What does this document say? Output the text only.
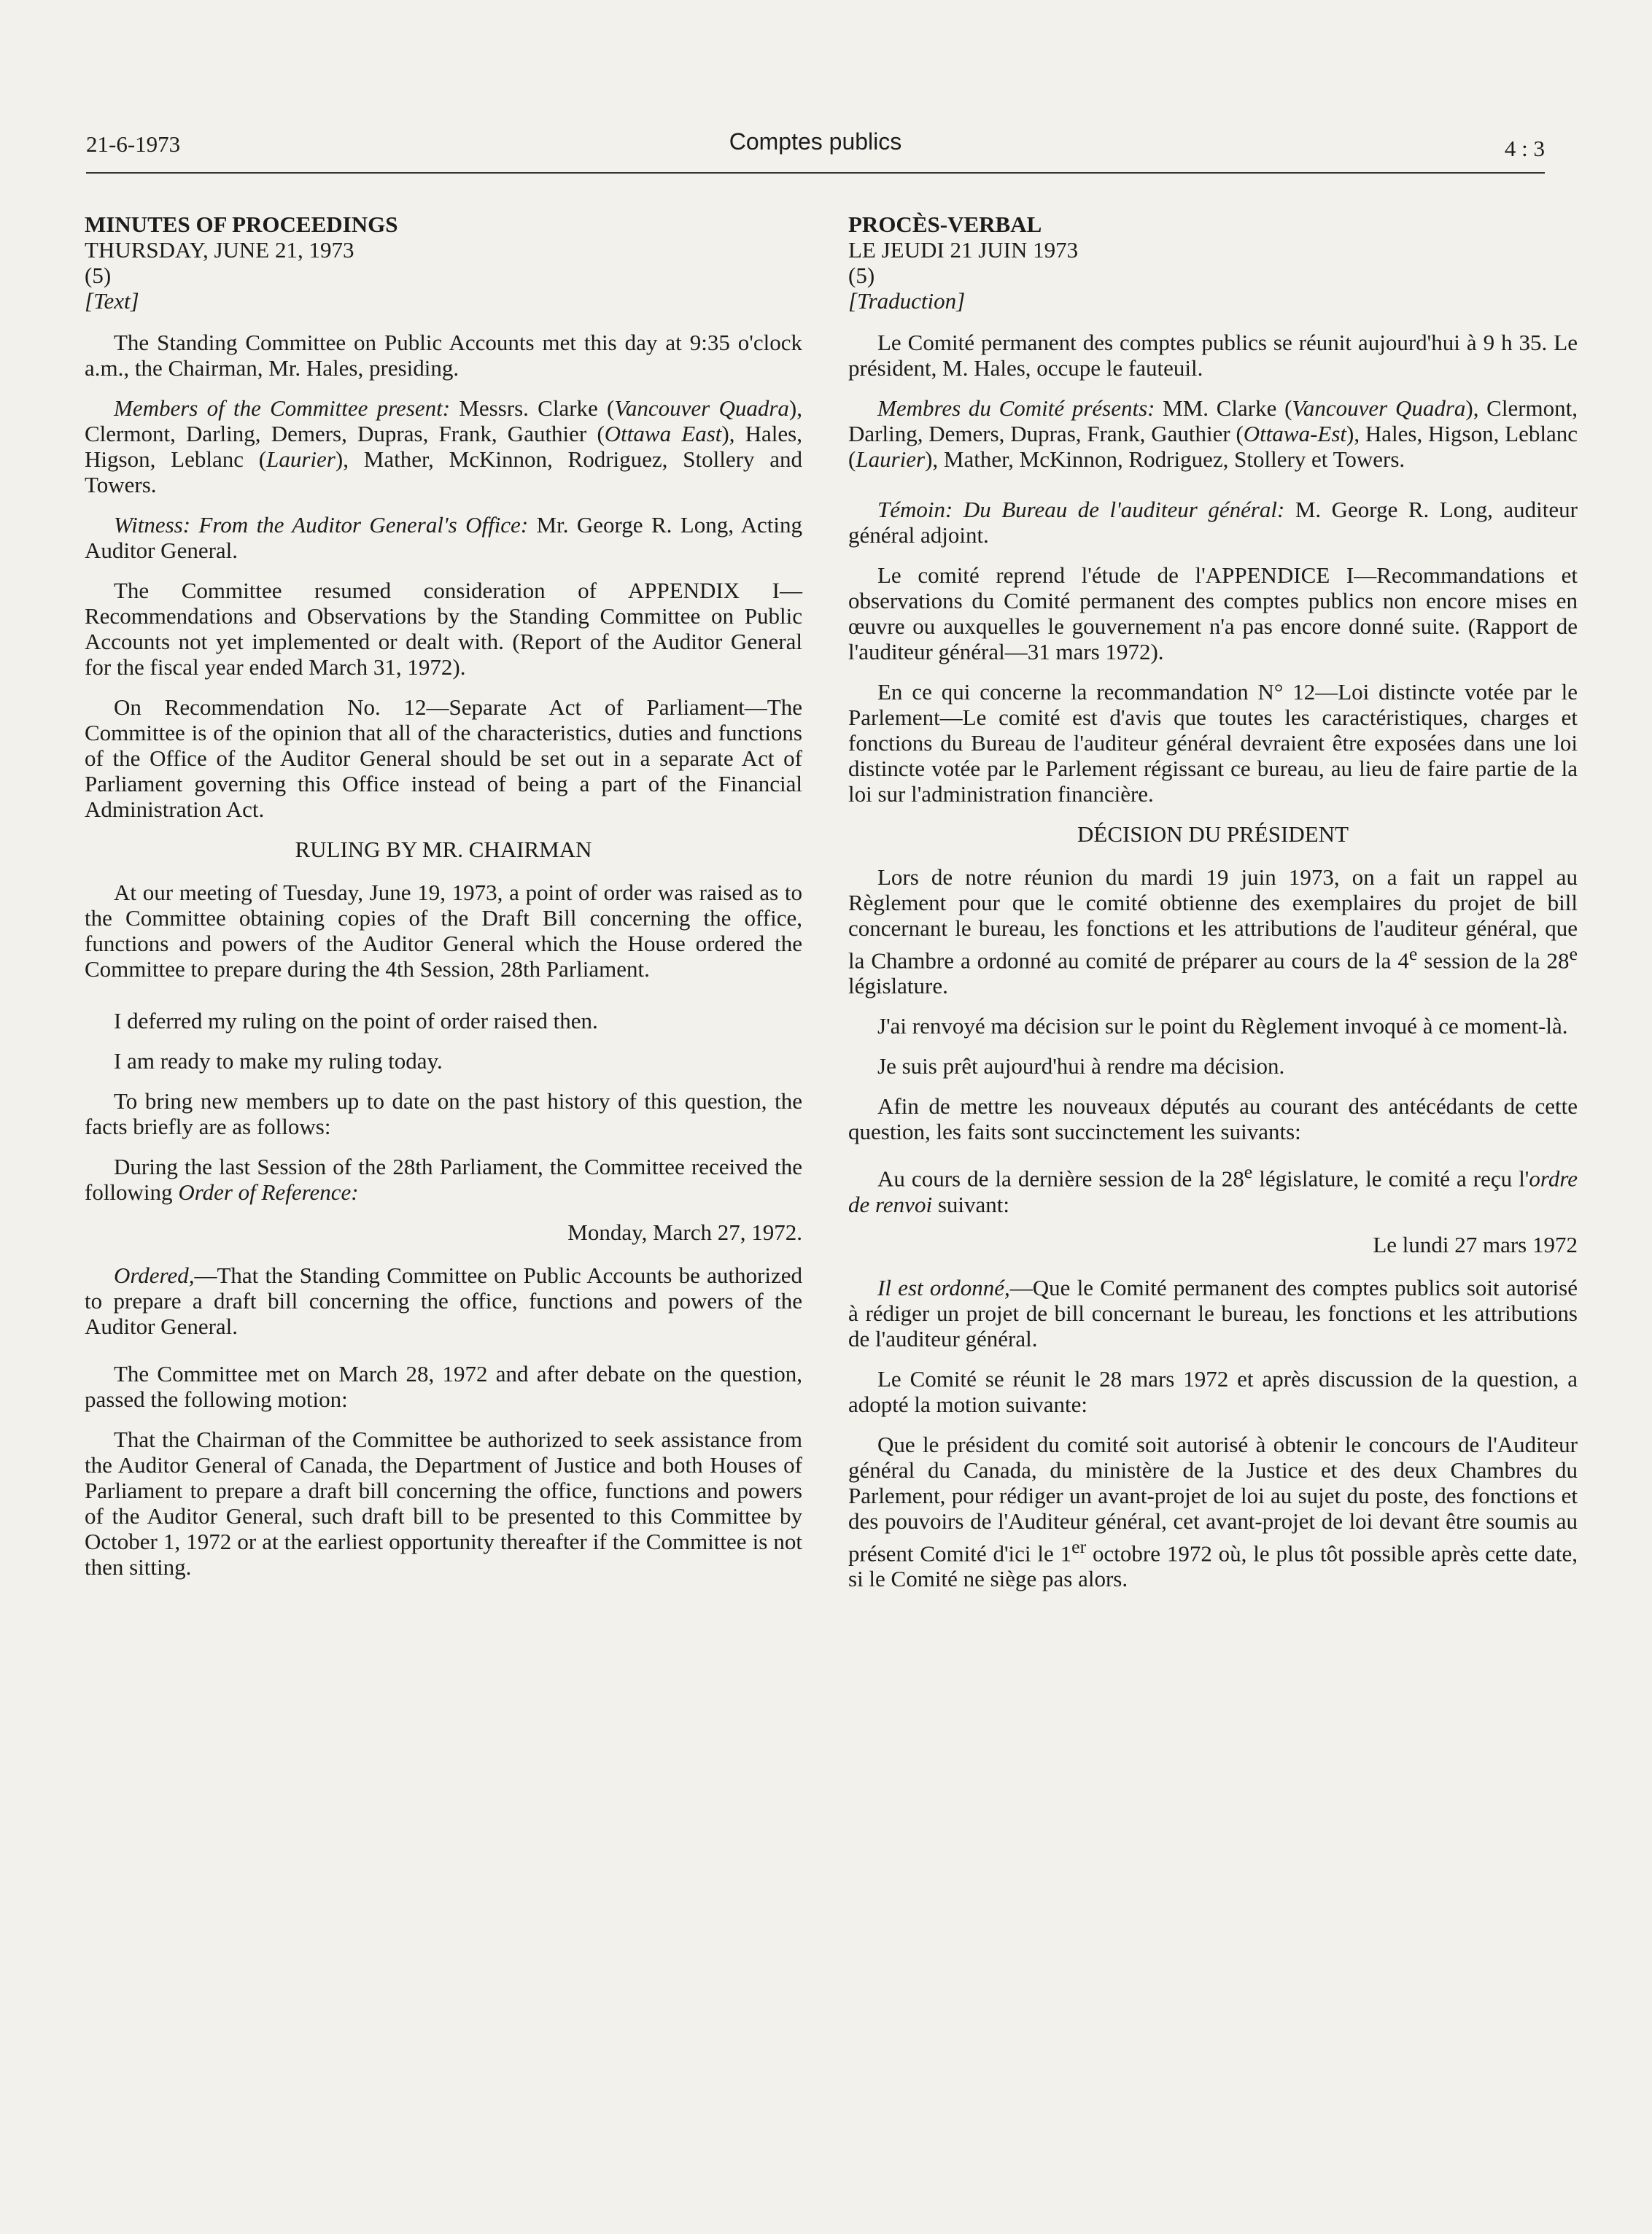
21-6-1973	Comptes publics	4 : 3

MINUTES OF PROCEEDINGS

THURSDAY, JUNE 21, 1973

(5)

[Text]

The Standing Committee on Public Accounts met this day at 9:35 o'clock a.m., the Chairman, Mr. Hales, presiding.

Members of the Committee present: Messrs. Clarke (Vancouver Quadra), Clermont, Darling, Demers, Dupras, Frank, Gauthier (Ottawa East), Hales, Higson, Leblanc (Laurier), Mather, McKinnon, Rodriguez, Stollery and Towers.

Witness: From the Auditor General's Office: Mr. George R. Long, Acting Auditor General.

The Committee resumed consideration of APPENDIX I—Recommendations and Observations by the Standing Committee on Public Accounts not yet implemented or dealt with. (Report of the Auditor General for the fiscal year ended March 31, 1972).

On Recommendation No. 12—Separate Act of Parliament—The Committee is of the opinion that all of the characteristics, duties and functions of the Office of the Auditor General should be set out in a separate Act of Parliament governing this Office instead of being a part of the Financial Administration Act.

RULING BY MR. CHAIRMAN

At our meeting of Tuesday, June 19, 1973, a point of order was raised as to the Committee obtaining copies of the Draft Bill concerning the office, functions and powers of the Auditor General which the House ordered the Committee to prepare during the 4th Session, 28th Parliament.

I deferred my ruling on the point of order raised then.

I am ready to make my ruling today.

To bring new members up to date on the past history of this question, the facts briefly are as follows:

During the last Session of the 28th Parliament, the Committee received the following Order of Reference:

Monday, March 27, 1972.

Ordered,—That the Standing Committee on Public Accounts be authorized to prepare a draft bill concerning the office, functions and powers of the Auditor General.

The Committee met on March 28, 1972 and after debate on the question, passed the following motion:

That the Chairman of the Committee be authorized to seek assistance from the Auditor General of Canada, the Department of Justice and both Houses of Parliament to prepare a draft bill concerning the office, functions and powers of the Auditor General, such draft bill to be presented to this Committee by October 1, 1972 or at the earliest opportunity thereafter if the Committee is not then sitting.

PROCÈS-VERBAL

LE JEUDI 21 JUIN 1973

(5)

[Traduction]

Le Comité permanent des comptes publics se réunit aujourd'hui à 9 h 35. Le président, M. Hales, occupe le fauteuil.

Membres du Comité présents: MM. Clarke (Vancouver Quadra), Clermont, Darling, Demers, Dupras, Frank, Gauthier (Ottawa-Est), Hales, Higson, Leblanc (Laurier), Mather, McKinnon, Rodriguez, Stollery et Towers.

Témoin: Du Bureau de l'auditeur général: M. George R. Long, auditeur général adjoint.

Le comité reprend l'étude de l'APPENDICE I—Recommandations et observations du Comité permanent des comptes publics non encore mises en œuvre ou auxquelles le gouvernement n'a pas encore donné suite. (Rapport de l'auditeur général—31 mars 1972).

En ce qui concerne la recommandation N° 12—Loi distincte votée par le Parlement—Le comité est d'avis que toutes les caractéristiques, charges et fonctions du Bureau de l'auditeur général devraient être exposées dans une loi distincte votée par le Parlement régissant ce bureau, au lieu de faire partie de la loi sur l'administration financière.

DÉCISION DU PRÉSIDENT

Lors de notre réunion du mardi 19 juin 1973, on a fait un rappel au Règlement pour que le comité obtienne des exemplaires du projet de bill concernant le bureau, les fonctions et les attributions de l'auditeur général, que la Chambre a ordonné au comité de préparer au cours de la 4e session de la 28e législature.

J'ai renvoyé ma décision sur le point du Règlement invoqué à ce moment-là.

Je suis prêt aujourd'hui à rendre ma décision.

Afin de mettre les nouveaux députés au courant des antécédants de cette question, les faits sont succinctement les suivants:

Au cours de la dernière session de la 28e législature, le comité a reçu l'ordre de renvoi suivant:

Le lundi 27 mars 1972

Il est ordonné,—Que le Comité permanent des comptes publics soit autorisé à rédiger un projet de bill concernant le bureau, les fonctions et les attributions de l'auditeur général.

Le Comité se réunit le 28 mars 1972 et après discussion de la question, a adopté la motion suivante:

Que le président du comité soit autorisé à obtenir le concours de l'Auditeur général du Canada, du ministère de la Justice et des deux Chambres du Parlement, pour rédiger un avant-projet de loi au sujet du poste, des fonctions et des pouvoirs de l'Auditeur général, cet avant-projet de loi devant être soumis au présent Comité d'ici le 1er octobre 1972 où, le plus tôt possible après cette date, si le Comité ne siège pas alors.
